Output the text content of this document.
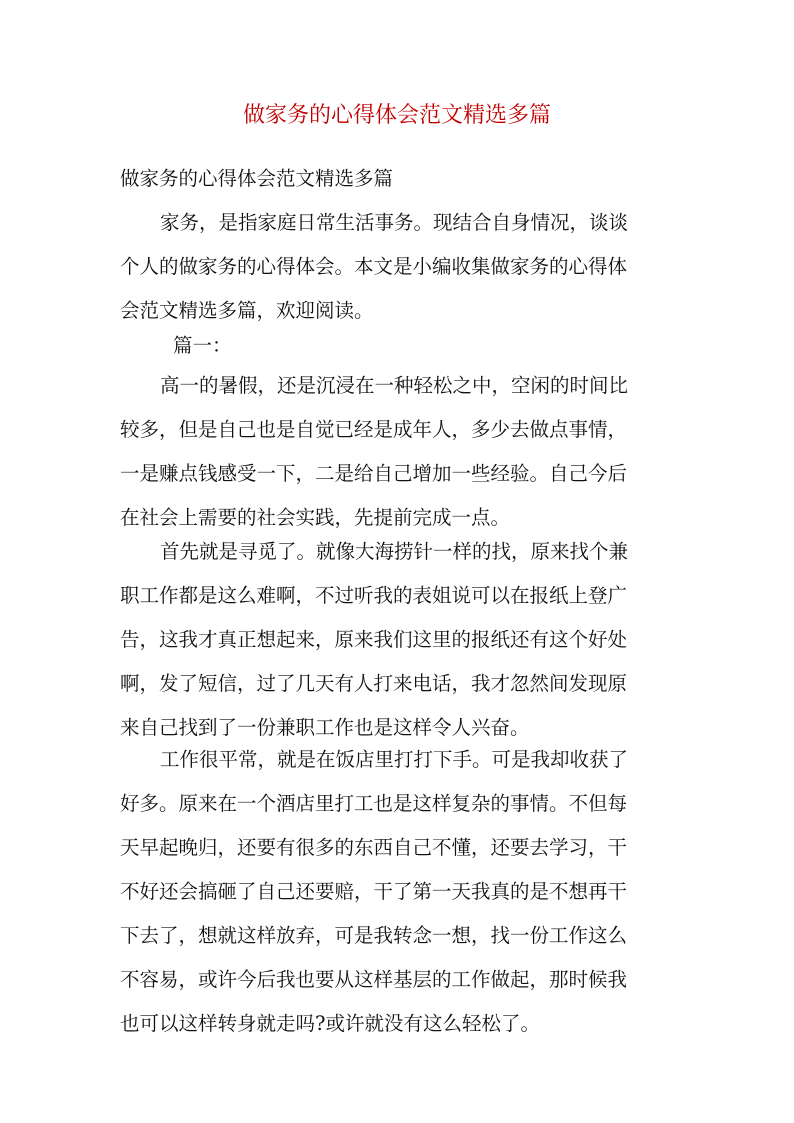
做家务的心得体会范文精选多篇
做家务的心得体会范文精选多篇
家务，是指家庭日常生活事务。现结合自身情况，谈谈
个人的做家务的心得体会。本文是小编收集做家务的心得体
会范文精选多篇，欢迎阅读。
篇一：
高一的暑假，还是沉浸在一种轻松之中，空闲的时间比
较多，但是自己也是自觉已经是成年人，多少去做点事情，
一是赚点钱感受一下，二是给自己增加一些经验。自己今后
在社会上需要的社会实践，先提前完成一点。
首先就是寻觅了。就像大海捞针一样的找，原来找个兼
职工作都是这么难啊，不过听我的表姐说可以在报纸上登广
告，这我才真正想起来，原来我们这里的报纸还有这个好处
啊，发了短信，过了几天有人打来电话，我才忽然间发现原
来自己找到了一份兼职工作也是这样令人兴奋。
工作很平常，就是在饭店里打打下手。可是我却收获了
好多。原来在一个酒店里打工也是这样复杂的事情。不但每
天早起晚归，还要有很多的东西自己不懂，还要去学习，干
不好还会搞砸了自己还要赔，干了第一天我真的是不想再干
下去了，想就这样放弃，可是我转念一想，找一份工作这么
不容易，或许今后我也要从这样基层的工作做起，那时候我
也可以这样转身就走吗?或许就没有这么轻松了。
